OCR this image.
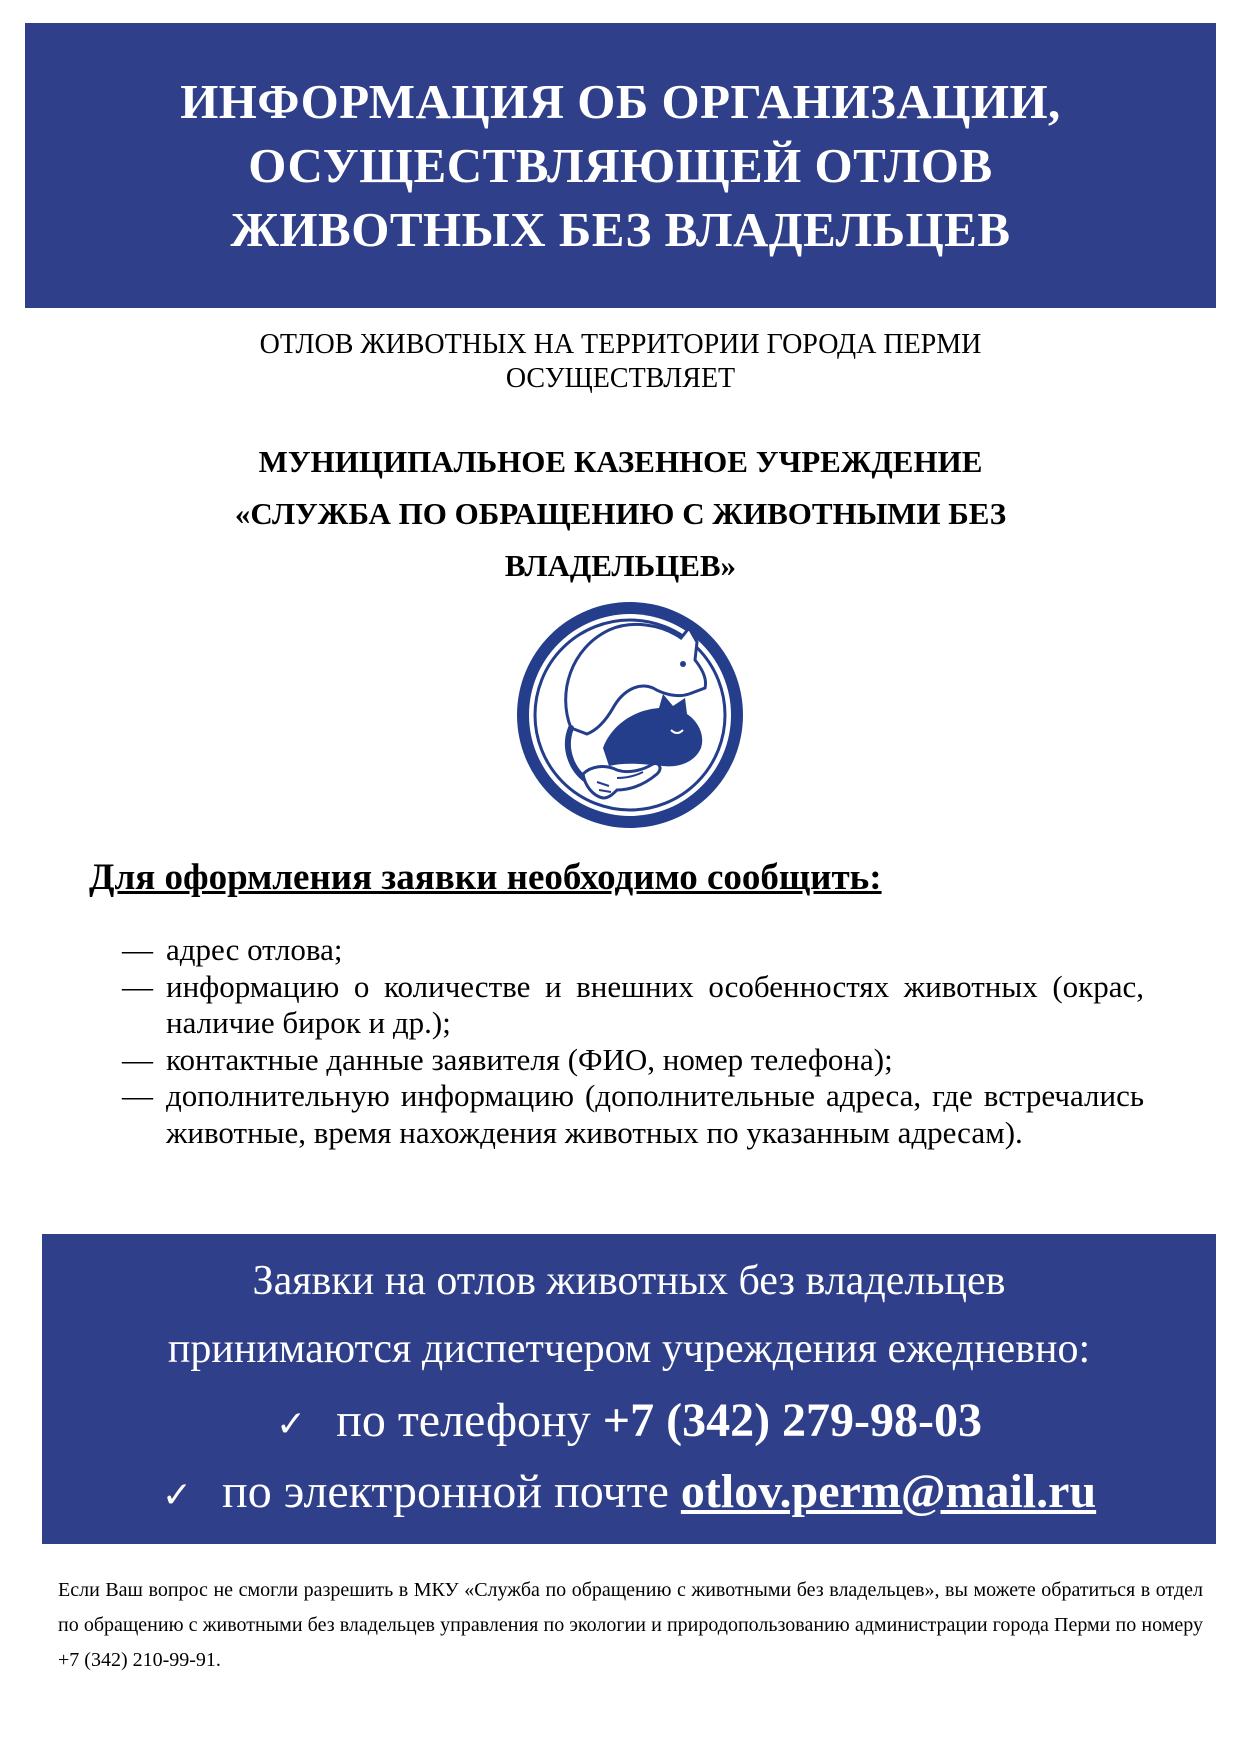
ИНФОРМАЦИЯ ОБ ОРГАНИЗАЦИИ,
ОСУЩЕСТВЛЯЮЩЕЙ ОТЛОВ
ЖИВОТНЫХ БЕЗ ВЛАДЕЛЬЦЕВ
ОТЛОВ ЖИВОТНЫХ НА ТЕРРИТОРИИ ГОРОДА ПЕРМИ
ОСУЩЕСТВЛЯЕТ
МУНИЦИПАЛЬНОЕ КАЗЕННОЕ УЧРЕЖДЕНИЕ
«СЛУЖБА ПО ОБРАЩЕНИЮ С ЖИВОТНЫМИ БЕЗ
ВЛАДЕЛЬЦЕВ»
Для оформления заявки необходимо сообщить:
— адрес отлова;
— информацию о количестве и внешних особенностях животных (окрас, наличие бирок и др.);
— контактные данные заявителя (ФИО, номер телефона);
— дополнительную информацию (дополнительные адреса, где встречались животные, время нахождения животных по указанным адресам).
Заявки на отлов животных без владельцев
принимаются диспетчером учреждения ежедневно:
✓ по телефону +7 (342) 279-98-03
✓ по электронной почте otlov.perm@mail.ru
Если Ваш вопрос не смогли разрешить в МКУ «Служба по обращению с животными без владельцев», вы можете обратиться в отдел по обращению с животными без владельцев управления по экологии и природопользованию администрации города Перми по номеру +7 (342) 210-99-91.
